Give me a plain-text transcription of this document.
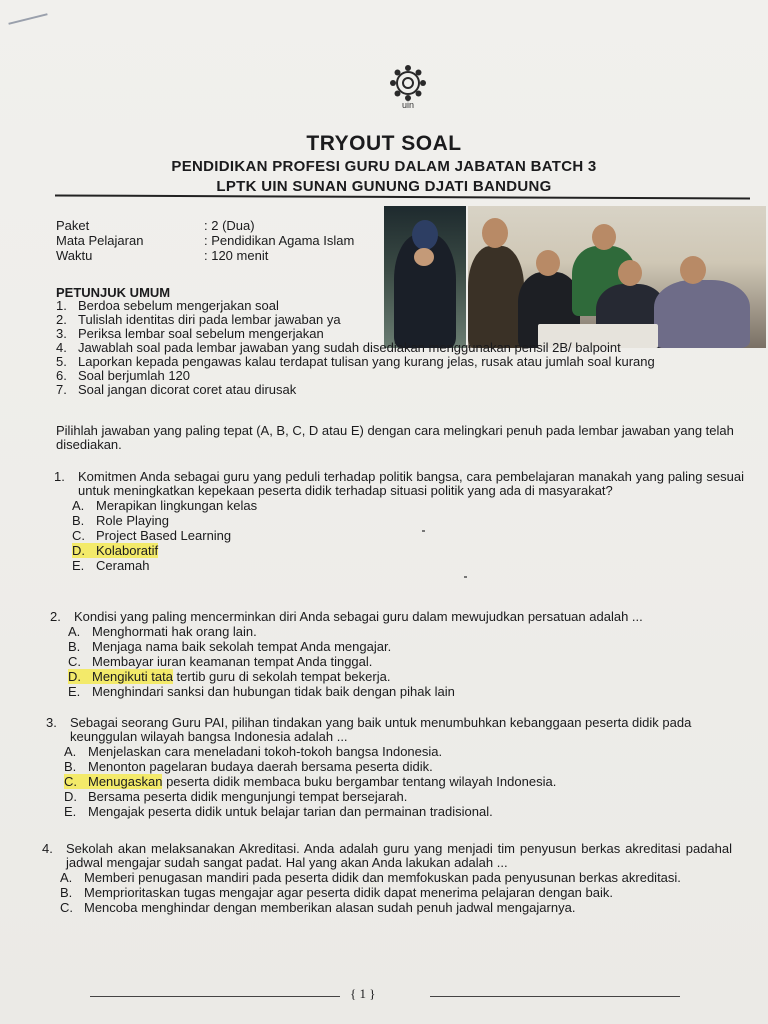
uin
TRYOUT SOAL
PENDIDIKAN PROFESI GURU DALAM JABATAN BATCH 3
LPTK UIN SUNAN GUNUNG DJATI BANDUNG
Paket	: 2 (Dua)
Mata Pelajaran	: Pendidikan Agama Islam
Waktu	: 120 menit
PETUNJUK UMUM
1. Berdoa sebelum mengerjakan soal
2. Tulislah identitas diri pada lembar jawaban ya
3. Periksa lembar soal sebelum mengerjakan
4. Jawablah soal pada lembar jawaban yang sudah disediakan menggunakan pensil 2B/ balpoint
5. Laporkan kepada pengawas kalau terdapat tulisan yang kurang jelas, rusak atau jumlah soal kurang
6. Soal berjumlah 120
7. Soal jangan dicorat coret atau dirusak
Pilihlah jawaban yang paling tepat (A, B, C, D atau E) dengan cara melingkari penuh pada lembar jawaban yang telah disediakan.
1.	Komitmen Anda sebagai guru yang peduli terhadap politik bangsa, cara pembelajaran manakah yang paling sesuai untuk meningkatkan kepekaan peserta didik terhadap situasi politik yang ada di masyarakat?
A. Merapikan lingkungan kelas
B. Role Playing
C. Project Based Learning
D. Kolaboratif
E. Ceramah
2.	Kondisi yang paling mencerminkan diri Anda sebagai guru dalam mewujudkan persatuan adalah ...
A. Menghormati hak orang lain.
B. Menjaga nama baik sekolah tempat Anda mengajar.
C. Membayar iuran keamanan tempat Anda tinggal.
D. Mengikuti tata tertib guru di sekolah tempat bekerja.
E. Menghindari sanksi dan hubungan tidak baik dengan pihak lain
3.	Sebagai seorang Guru PAI, pilihan tindakan yang baik untuk menumbuhkan kebanggaan peserta didik pada keunggulan wilayah bangsa Indonesia adalah ...
A. Menjelaskan cara meneladani tokoh-tokoh bangsa Indonesia.
B. Menonton pagelaran budaya daerah bersama peserta didik.
C. Menugaskan peserta didik membaca buku bergambar tentang wilayah Indonesia.
D. Bersama peserta didik mengunjungi tempat bersejarah.
E. Mengajak peserta didik untuk belajar tarian dan permainan tradisional.
4.	Sekolah akan melaksanakan Akreditasi. Anda adalah guru yang menjadi tim penyusun berkas akreditasi padahal jadwal mengajar sudah sangat padat. Hal yang akan Anda lakukan adalah ...
A. Memberi penugasan mandiri pada peserta didik dan memfokuskan pada penyusunan berkas akreditasi.
B. Memprioritaskan tugas mengajar agar peserta didik dapat menerima pelajaran dengan baik.
C. Mencoba menghindar dengan memberikan alasan sudah penuh jadwal mengajarnya.
{ 1 }
